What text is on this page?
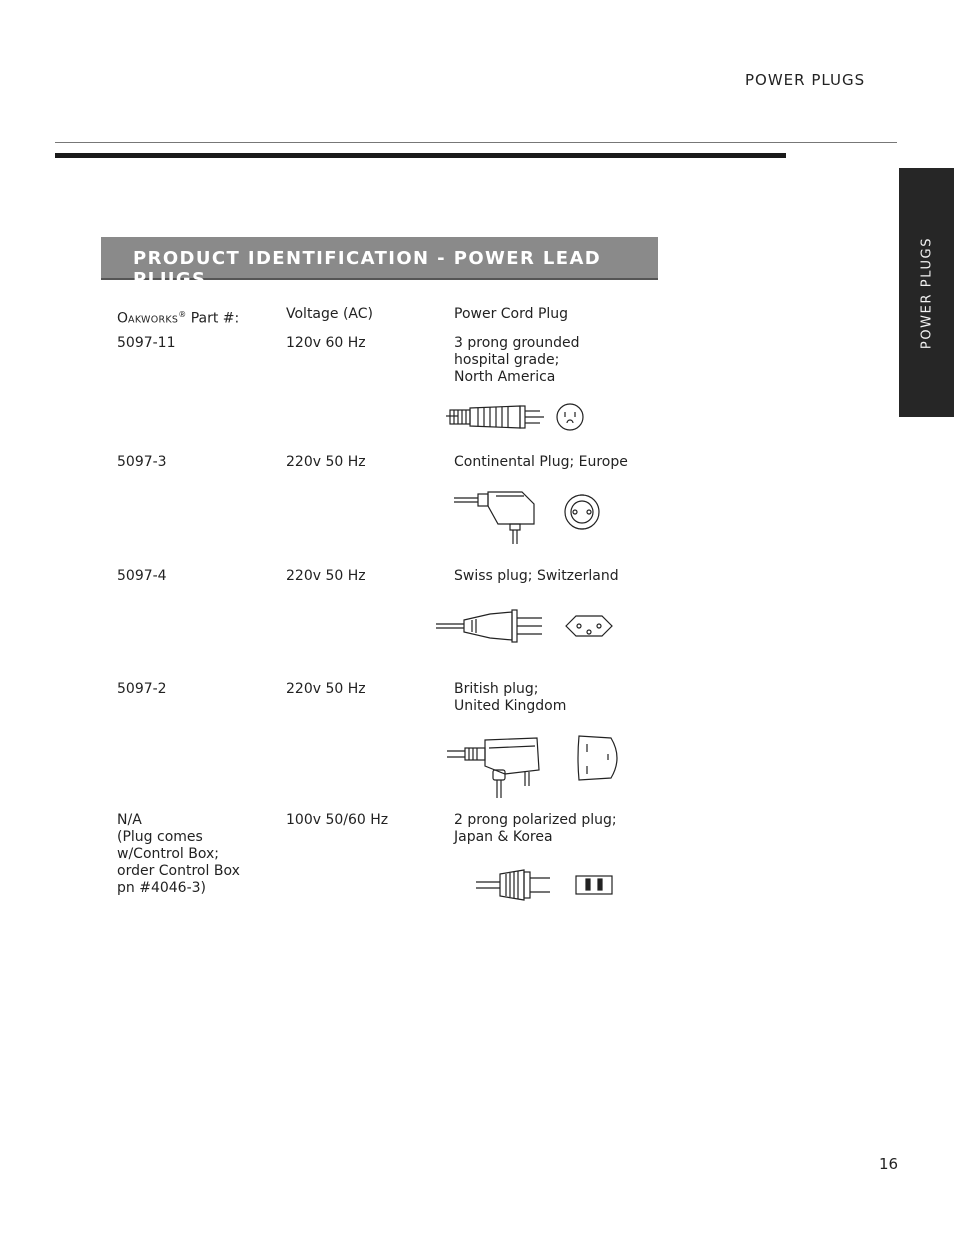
POWER PLUGS
POWER PLUGS
PRODUCT IDENTIFICATION - POWER LEAD PLUGS
OAKWORKS® Part #:	Voltage (AC)	Power Cord Plug
5097-11	120v 60 Hz	3 prong grounded
hospital grade;
North America
5097-3	220v 50 Hz	Continental Plug; Europe
5097-4	220v 50 Hz	Swiss plug; Switzerland
5097-2	220v 50 Hz	British plug;
United Kingdom
N/A
(Plug comes
w/Control Box;
order Control Box
pn #4046-3)
100v 50/60 Hz	2 prong polarized plug;
Japan & Korea
16
